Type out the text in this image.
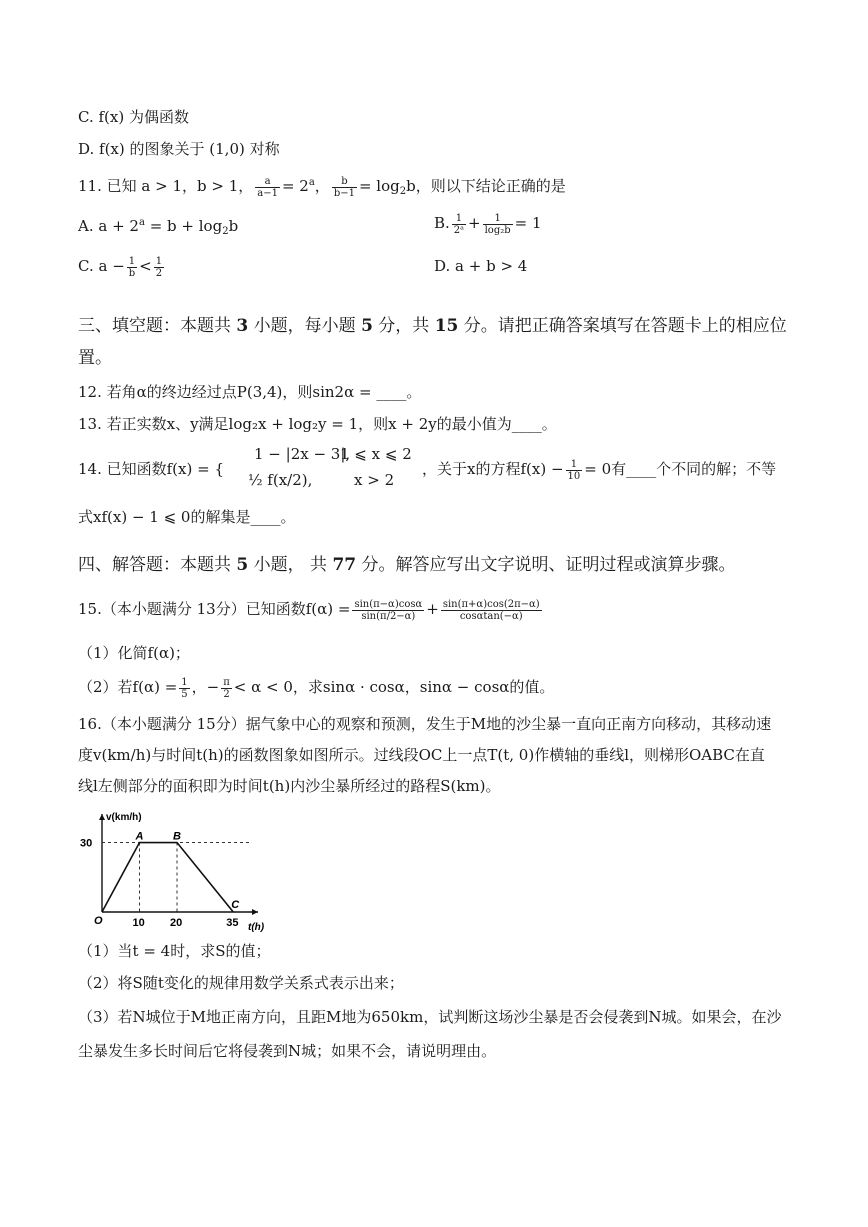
C. f(x) 为偶函数
D. f(x) 的图象关于 (1,0) 对称
11. 已知 a > 1，b > 1， $\frac{a}{a-1} = 2^a$， $\frac{b}{b-1} = \log_2b$，则以下结论正确的是
A. $a + 2^a = b + \log_2b$	B. $\frac{1}{\text{2ᵃ}} + \frac{1}{\text{log₂b}} = 1$
C. $a - \frac{1}{b} < \frac{1}{2}$	D. a + b > 4
三、填空题：本题共 3 小题，每小题 5 分，共 15 分。请把正确答案填写在答题卡上的相应位置。
12. 若角α的终边经过点P(3,4)，则sin2α = ____。
13. 若正实数x、y满足log₂x + log₂y = 1，则x + 2y的最小值为____。
14. 已知函数f(x) = {
1 − |2x − 3|,
1 ⩽ x ⩽ 2
½ f(x/2),	x > 2
，关于x的方程$f(x) - \frac{1}{10} = 0$有____个不同的解；不等
式xf(x) − 1 ⩽ 0的解集是____。
四、解答题：本题共 5 小题， 共 77 分。解答应写出文字说明、证明过程或演算步骤。
15.（本小题满分 13分）已知函数$f(\alpha) = \frac{\sin(\pi-\alpha)\cos\alpha}{\sin(\pi/2-\alpha)} + \frac{\sin(\pi+\alpha)\cos(2\pi-\alpha)}{\cos\alpha\tan(-\alpha)}$
（1）化简f(α)；
（2）若$f(\alpha) = \frac{1}{5}$ ，− $\frac{\pi}{2} < \alpha < 0$，求sinα · cosα，sinα − cosα的值。
16.（本小题满分 15分）据气象中心的观察和预测，发生于M地的沙尘暴一直向正南方向移动，其移动速
度v(km/h)与时间t(h)的函数图象如图所示。过线段OC上一点T(t, 0)作横轴的垂线l，则梯形OABC在直
线l左侧部分的面积即为时间t(h)内沙尘暴所经过的路程S(km)。
v(km/h)
t(h)
O	10 20	35
30
A	B
C
（1）当t = 4时，求S的值；
（2）将S随t变化的规律用数学关系式表示出来；
（3）若N城位于M地正南方向，且距M地为650km，试判断这场沙尘暴是否会侵袭到N城。如果会，在沙
尘暴发生多长时间后它将侵袭到N城；如果不会，请说明理由。
